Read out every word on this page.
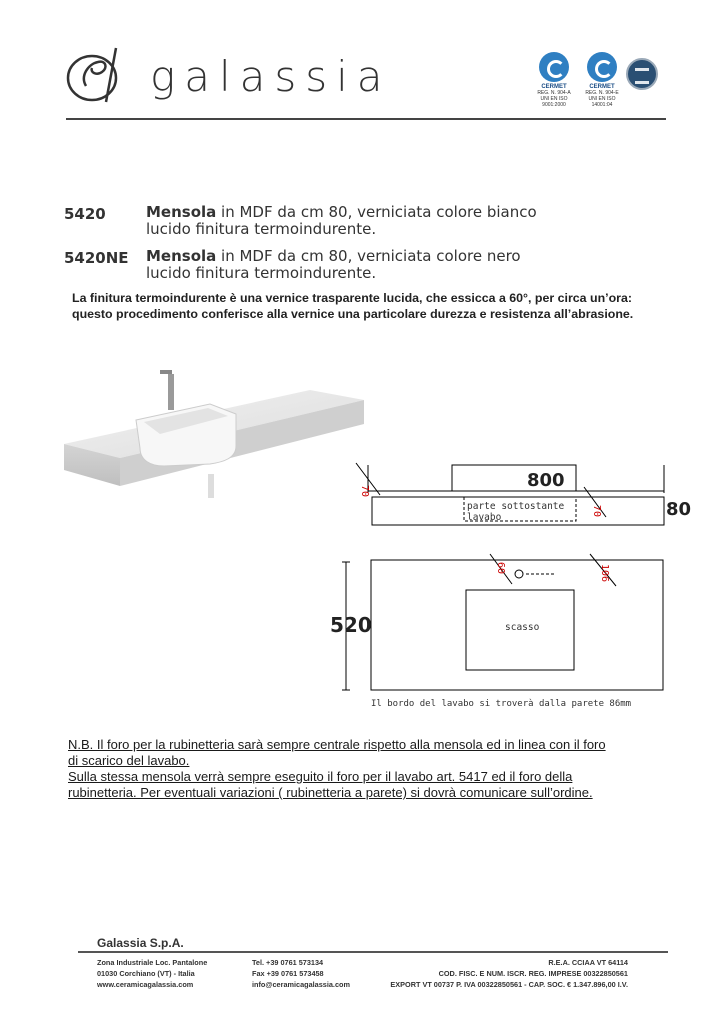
galassia	CERMET
REG. N. 904-A
UNI EN ISO 9001:2000
CERMET
REG. N. 904-E
UNI EN ISO 14001:04
5420	Mensola in MDF da cm 80, verniciata colore bianco
lucido finitura termoindurente.
5420NE Mensola in MDF da cm 80, verniciata colore nero
lucido finitura termoindurente.
La finitura termoindurente è una vernice trasparente lucida, che essicca a 60°, per circa un’ora:
questo procedimento conferisce alla vernice una particolare durezza e resistenza all’abrasione.
70
70
800
80
parte sottostante
lavabo
60	106
520	scasso
Il bordo del lavabo si troverà dalla parete 86mm

N.B. Il foro per la rubinetteria sarà sempre centrale rispetto alla mensola ed in linea con il foro

di scarico del lavabo.

Sulla stessa mensola verrà sempre eseguito il foro per il lavabo art. 5417 ed il foro della

rubinetteria. Per eventuali variazioni ( rubinetteria a parete) si dovrà comunicare sull’ordine.

Galassia S.p.A.
Zona Industriale Loc. Pantalone
01030 Corchiano (VT) - Italia
www.ceramicagalassia.com
Tel. +39 0761 573134
Fax +39 0761 573458
info@ceramicagalassia.com
R.E.A. CCIAA VT 64114
COD. FISC. E NUM. ISCR. REG. IMPRESE 00322850561
EXPORT VT 00737 P. IVA 00322850561 - CAP. SOC. € 1.347.896,00 I.V.
